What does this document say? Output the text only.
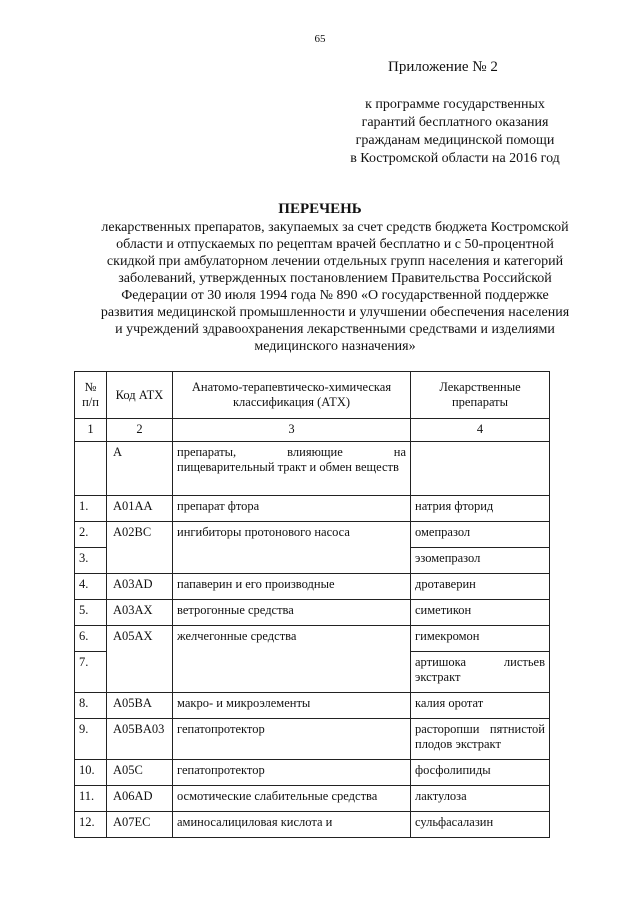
65
Приложение № 2
к программе государственных
гарантий бесплатного оказания
гражданам медицинской помощи
в Костромской области на 2016 год
ПЕРЕЧЕНЬ
лекарственных препаратов, закупаемых за счет средств бюджета Костромской
области и отпускаемых по рецептам врачей бесплатно и с 50-процентной
скидкой при амбулаторном лечении отдельных групп населения и категорий
заболеваний, утвержденных постановлением Правительства Российской
Федерации от 30 июля 1994 года № 890 «О государственной поддержке
развития медицинской промышленности и улучшении обеспечения населения
и учреждений здравоохранения лекарственными средствами и изделиями
медицинского назначения»
№ п/п	Код АТХ	Анатомо-терапевтическо-химическая классификация (АТХ)	Лекарственные препараты
1	2	3	4
	А	препараты, влияющие на пищеварительный тракт и обмен веществ	
1.	A01AA	препарат фтора	натрия фторид
2.	A02BC	ингибиторы протонового насоса	омепразол
3.			эзомепразол
4.	A03AD	папаверин и его производные	дротаверин
5.	A03AX	ветрогонные средства	симетикон
6.	A05AX	желчегонные средства	гимекромон
7.			артишока листьев экстракт
8.	A05BA	макро- и микроэлементы	калия оротат
9.	A05BA03	гепатопротектор	расторопши пятнистой плодов экстракт
10.	A05C	гепатопротектор	фосфолипиды
11.	A06AD	осмотические слабительные средства	лактулоза
12.	A07EC	аминосалициловая кислота и	сульфасалазин
